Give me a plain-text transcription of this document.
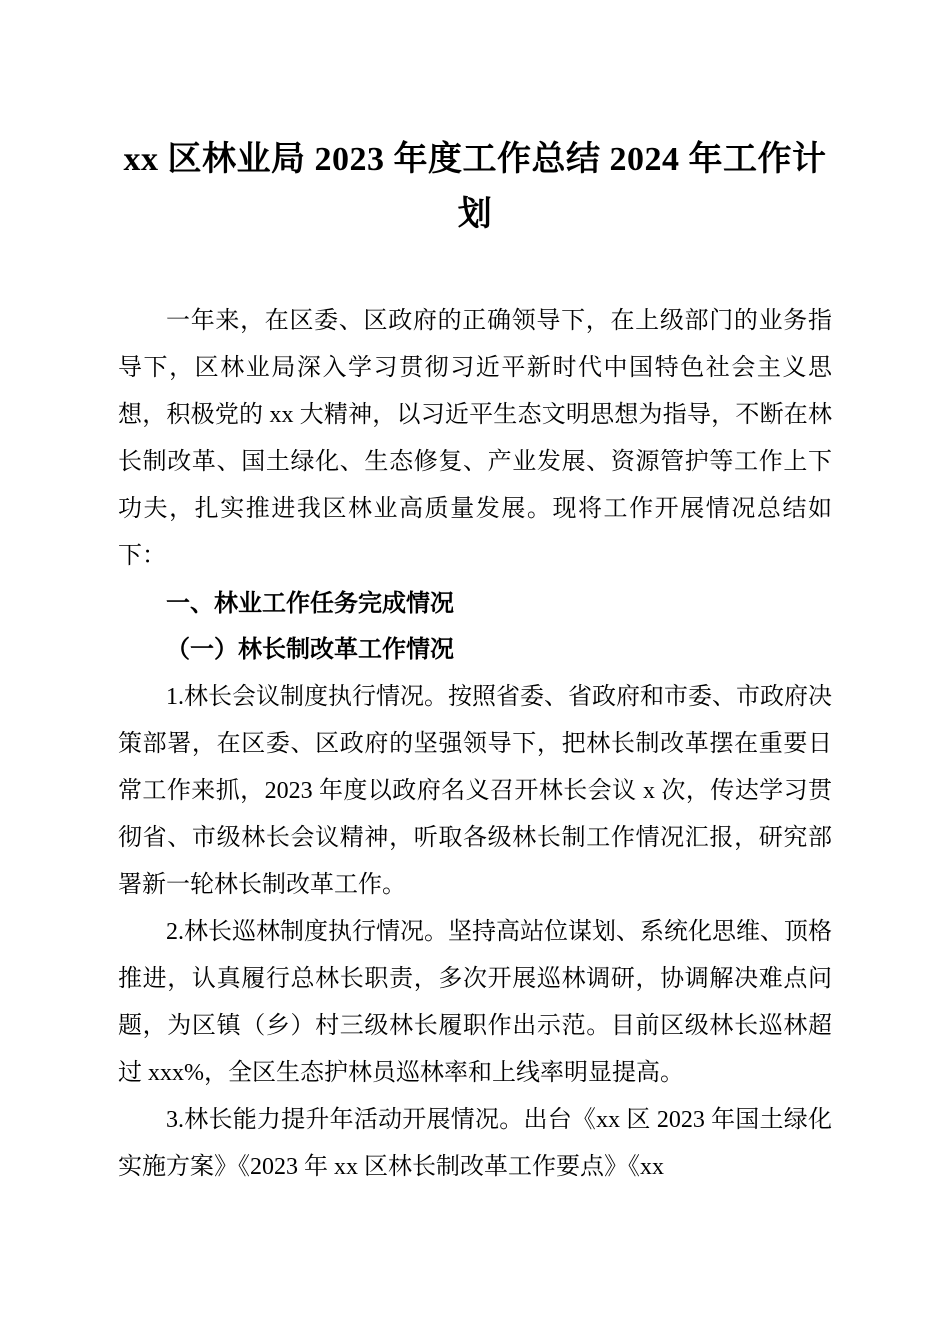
xx 区林业局 2023 年度工作总结 2024 年工作计划

一年来，在区委、区政府的正确领导下，在上级部门的业务指导下，区林业局深入学习贯彻习近平新时代中国特色社会主义思想，积极党的 xx 大精神，以习近平生态文明思想为指导，不断在林长制改革、国土绿化、生态修复、产业发展、资源管护等工作上下功夫，扎实推进我区林业高质量发展。现将工作开展情况总结如下：

一、林业工作任务完成情况

（一）林长制改革工作情况

1.林长会议制度执行情况。按照省委、省政府和市委、市政府决策部署，在区委、区政府的坚强领导下，把林长制改革摆在重要日常工作来抓，2023 年度以政府名义召开林长会议 x 次，传达学习贯彻省、市级林长会议精神，听取各级林长制工作情况汇报，研究部署新一轮林长制改革工作。

2.林长巡林制度执行情况。坚持高站位谋划、系统化思维、顶格推进，认真履行总林长职责，多次开展巡林调研，协调解决难点问题，为区镇（乡）村三级林长履职作出示范。目前区级林长巡林超过 xxx%，全区生态护林员巡林率和上线率明显提高。

3.林长能力提升年活动开展情况。出台《xx 区 2023 年国土绿化实施方案》《2023 年 xx 区林长制改革工作要点》《xx
